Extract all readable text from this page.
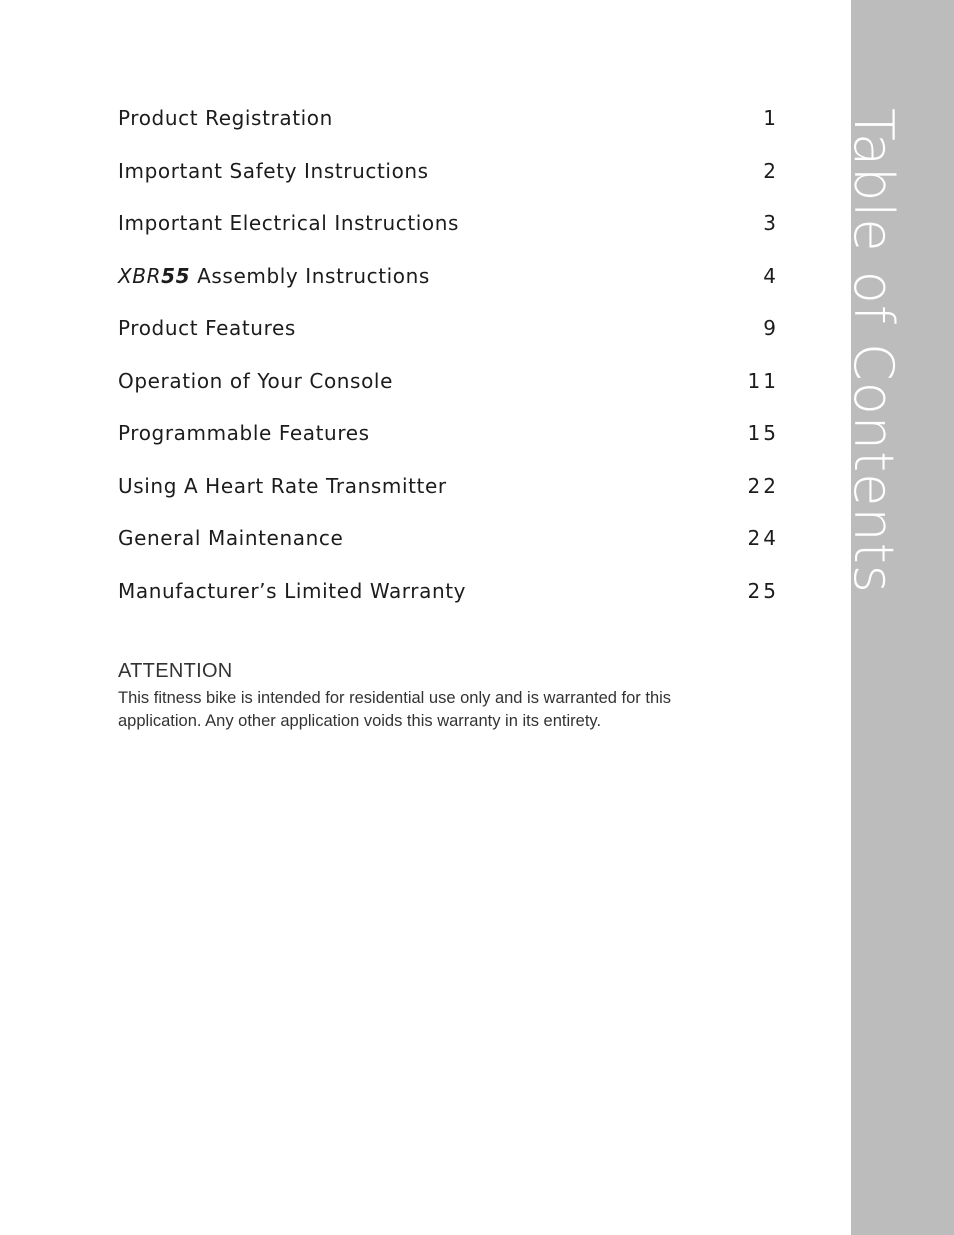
Table of Contents
Product Registration	1
Important Safety Instructions	2
Important Electrical Instructions	3
XBR55 Assembly Instructions	4
Product Features	9
Operation of Your Console	11
Programmable Features	15
Using A Heart Rate Transmitter	22
General Maintenance	24
Manufacturer’s Limited Warranty	25
ATTENTION

This fitness bike is intended for residential use only and is warranted for this application. Any other application voids this warranty in its entirety.
